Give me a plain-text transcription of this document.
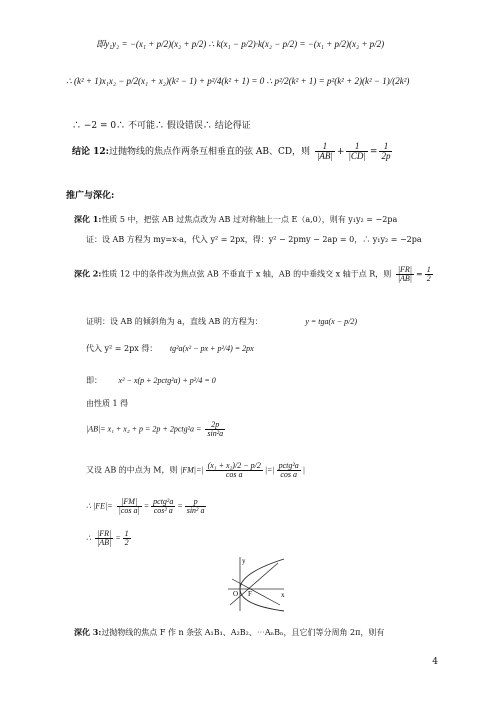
即y₁y₂ = −(x₁ + p/2)(x₂ + p/2) ∴ k(x₁ − p/2)·k(x₂ − p/2) = −(x₁ + p/2)(x₂ + p/2)
∴ (k² + 1)x₁x₂ − p/2(x₁ + x₂)(k² − 1) + p²/4(k² + 1) = 0 ∴ p²/2(k² + 1) = p²(k² + 2)(k² − 1)/(2k²)
∴ −2 = 0∴ 不可能∴ 假设错误∴ 结论得证
结论 12:过抛物线的焦点作两条互相垂直的弦 AB、CD，则 $\frac{1}{|AB|} + \frac{1}{|CD|} = \frac{1}{2p}$
推广与深化:
深化 1:性质 5 中，把弦 AB 过焦点改为 AB 过对称轴上一点 E（a,0），则有 y₁y₂ = −2pa
证：设 AB 方程为 my=x-a，代入 y² = 2px，得：y² − 2pmy − 2ap = 0，∴ y₁y₂ = −2pa
深化 2:性质 12 中的条件改为焦点弦 AB 不垂直于 x 轴，AB 的中垂线交 x 轴于点 R，则 $\frac{|FR|}{|AB|} = \frac{1}{2}$
证明：设 AB 的倾斜角为 a，直线 AB 的方程为：	y = tga(x − p/2)
代入 y² = 2px 得： tg²a(x² − px + p²/4) = 2px
即： x² − x(p + 2pctg²a) + p²/4 = 0
由性质 1 得
|AB|= x₁ + x₂ + p = 2p + 2pctg²a = $\frac{2p}{\text{sin²a}}$
又设 AB 的中点为 M，则 $|FM|=| \frac{\text{(x₁ + x₂)/2 − p/2}}{\text{cos a}}$ |=| $\frac{\text{pctg²a}}{\text{cos a}}$ |
∴ $|FE|= \frac{|FM|}{\text{|cos a|}} = \frac{\text{pctg²a}}{\text{cos² a}} = \frac{p}{\text{sin² a}}$
∴ $\frac{|FR|}{|AB|} = \frac{1}{2}$
y
O F	x
深化 3:过抛物线的焦点 F 作 n 条弦 A₁B₁、A₂B₂、⋯AₙBₙ，且它们等分周角 2π，则有
4
